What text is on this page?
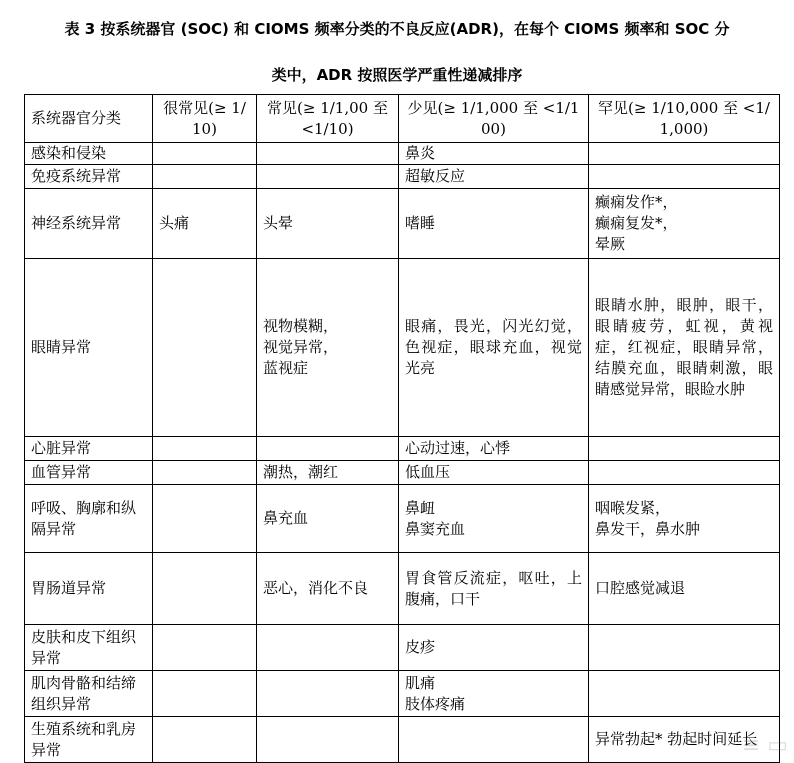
表 3 按系统器官 (SOC) 和 CIOMS 频率分类的不良反应(ADR)，在每个 CIOMS 频率和 SOC 分
类中，ADR 按照医学严重性递减排序
系统器官分类	很常见(≥ 1/10)	常见(≥ 1/1,00 至 <1/10)	少见(≥ 1/1,000 至 <1/100)	罕见(≥ 1/10,000 至 <1/1,000)
感染和侵染			鼻炎	
免疫系统异常			超敏反应	
神经系统异常	头痛	头晕	嗜睡	癫痫发作*，
癫痫复发*，
晕厥
眼睛异常		视物模糊，
视觉异常，
蓝视症	眼痛，畏光，闪光幻觉，色视症，眼球充血，视觉光亮	眼睛水肿，眼肿，眼干，眼睛疲劳，虹视，黄视症，红视症，眼睛异常，结膜充血，眼睛刺激，眼睛感觉异常，眼睑水肿
心脏异常			心动过速，心悸	
血管异常		潮热，潮红	低血压	
呼吸、胸廓和纵隔异常		鼻充血	鼻衄
鼻窦充血	咽喉发紧，
鼻发干，鼻水肿
胃肠道异常		恶心，消化不良	胃食管反流症，呕吐，上腹痛，口干	口腔感觉减退
皮肤和皮下组织异常			皮疹	
肌肉骨骼和结缔组织异常			肌痛
肢体疼痛	
生殖系统和乳房异常				异常勃起* 勃起时间延长
≡ ▭
